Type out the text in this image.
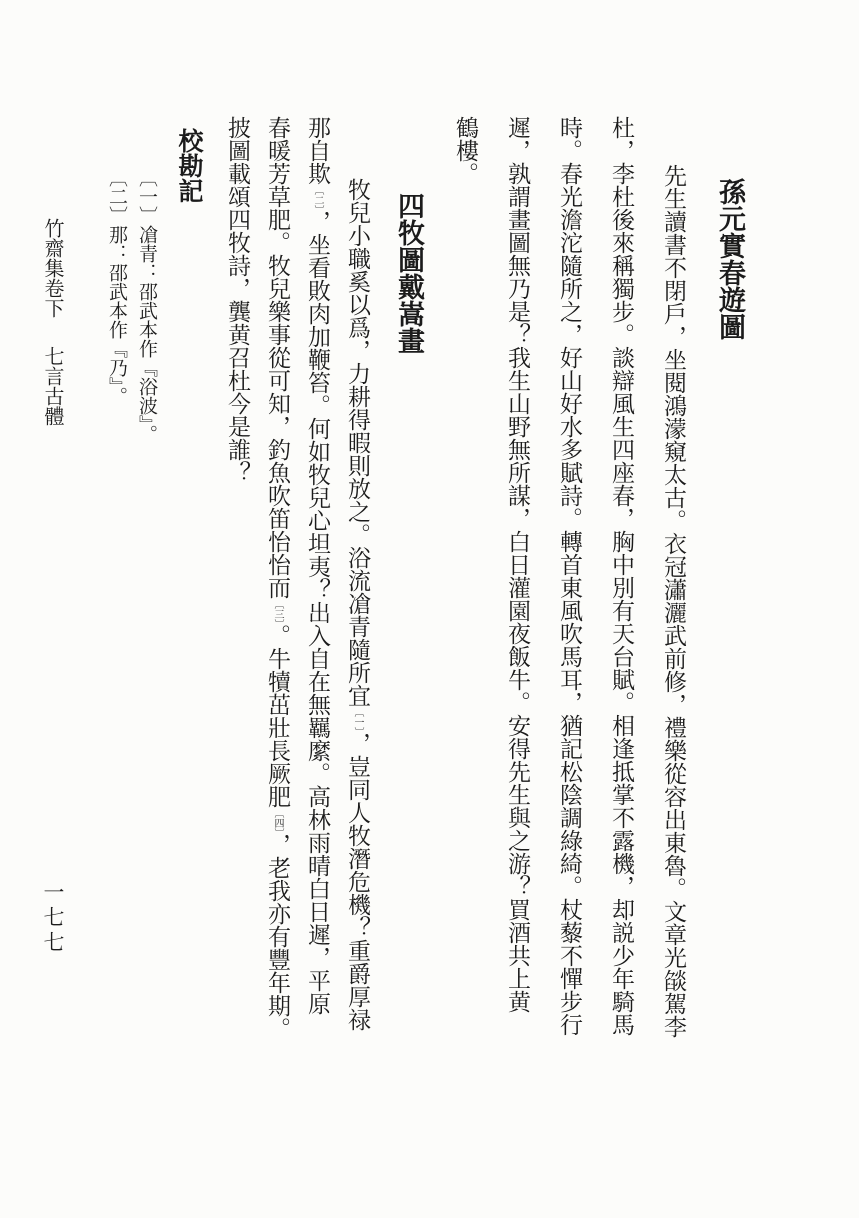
孫元實春遊圖
先生讀書不閉戶，坐閱鴻濛窺太古。衣冠瀟灑武前修，禮樂從容出東魯。文章光燄駕李
杜，李杜後來稱獨步。談辯風生四座春，胸中別有天台賦。相逢抵掌不露機，却説少年騎馬
時。春光澹沱隨所之，好山好水多賦詩。轉首東風吹馬耳，猶記松陰調綠綺。杖藜不憚步行
遲，孰謂畫圖無乃是？我生山野無所謀，白日灌園夜飯牛。安得先生與之游？買酒共上黄
鶴樓。
四牧圖戴嵩畫
牧兒小職奚以爲，力耕得暇則放之。浴流凔青隨所宜〔一〕，豈同人牧潛危機？重爵厚禄
那自欺〔二〕，坐看敗肉加鞭笞。何如牧兒心坦夷？出入自在無羈縻。高林雨晴白日遲，平原
春暖芳草肥。牧兒樂事從可知，釣魚吹笛怡怡而〔三〕。牛犢茁壯長厥肥〔四〕，老我亦有豐年期。
披圖載頌四牧詩，龔黄召杜今是誰？
校勘記
〔一〕凔青：邵武本作『浴波』。
〔二〕那：邵武本作『乃』。
竹齋集卷下 七言古體 一七七
